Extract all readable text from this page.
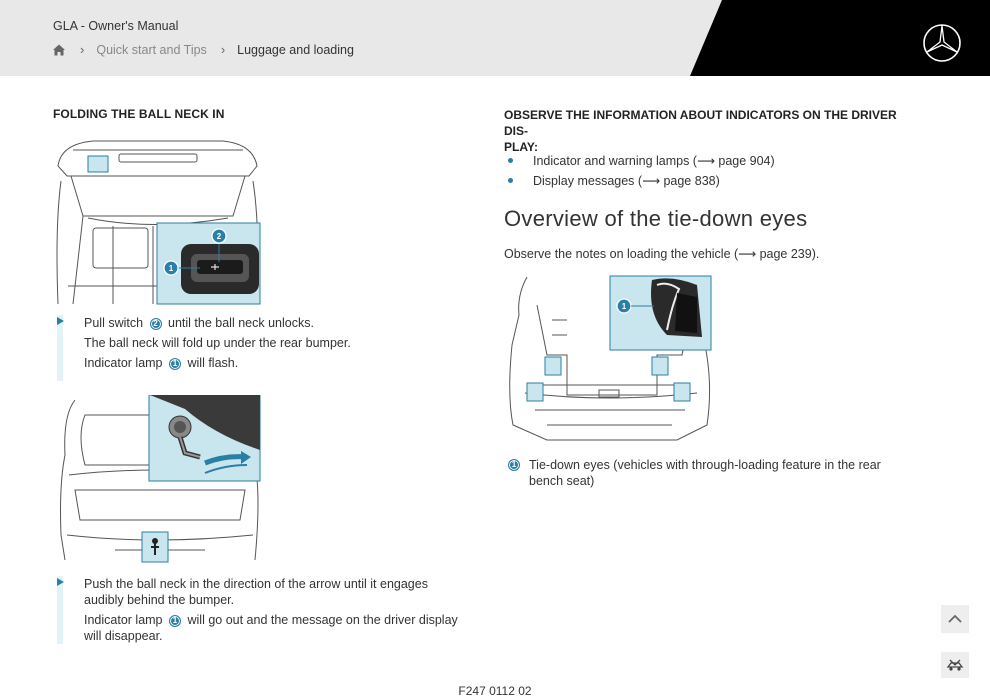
GLA - Owner's Manual
› Quick start and Tips › Luggage and loading
FOLDING THE BALL NECK IN
1
2
Pull switch 2 until the ball neck unlocks.
The ball neck will fold up under the rear bumper.
Indicator lamp 1 will flash.
Push the ball neck in the direction of the arrow until it engages audibly behind the bumper.
Indicator lamp 1 will go out and the message on the driver display will disappear.
OBSERVE THE INFORMATION ABOUT INDICATORS ON THE DRIVER DIS-
PLAY:
Indicator and warning lamps (⟶ page 904)
Display messages (⟶ page 838)
Overview of the tie-down eyes
Observe the notes on loading the vehicle (⟶ page 239).
1
1	Tie-down eyes (vehicles with through-loading feature in the rear bench seat)
F247 0112 02
